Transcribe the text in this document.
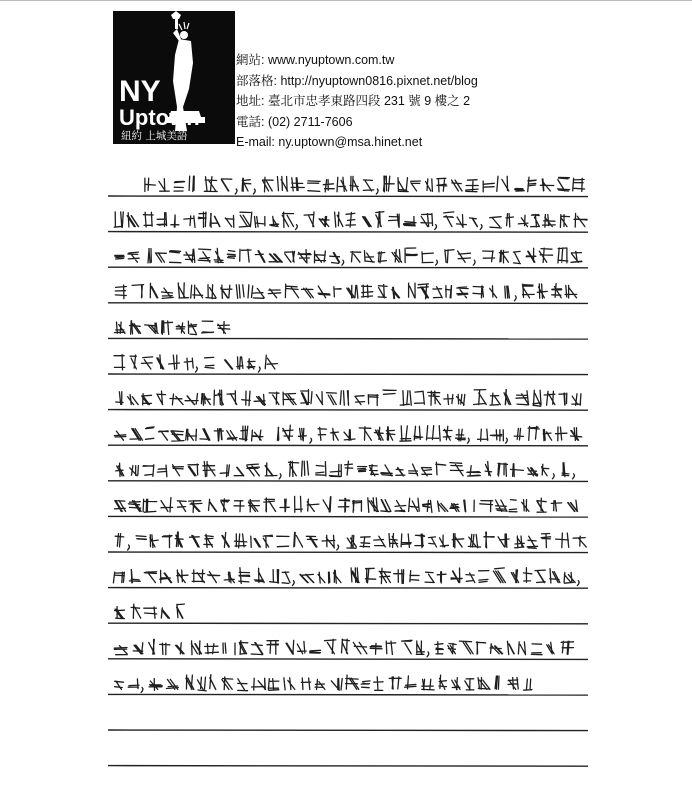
NY
Uptown
紐約 上城美語
網站: www.nyuptown.com.tw
部落格: http://nyuptown0816.pixnet.net/blog
地址: 臺北市忠孝東路四段 231 號 9 樓之 2
電話: (02) 2711-7606
E-mail: ny.uptown@msa.hinet.net
